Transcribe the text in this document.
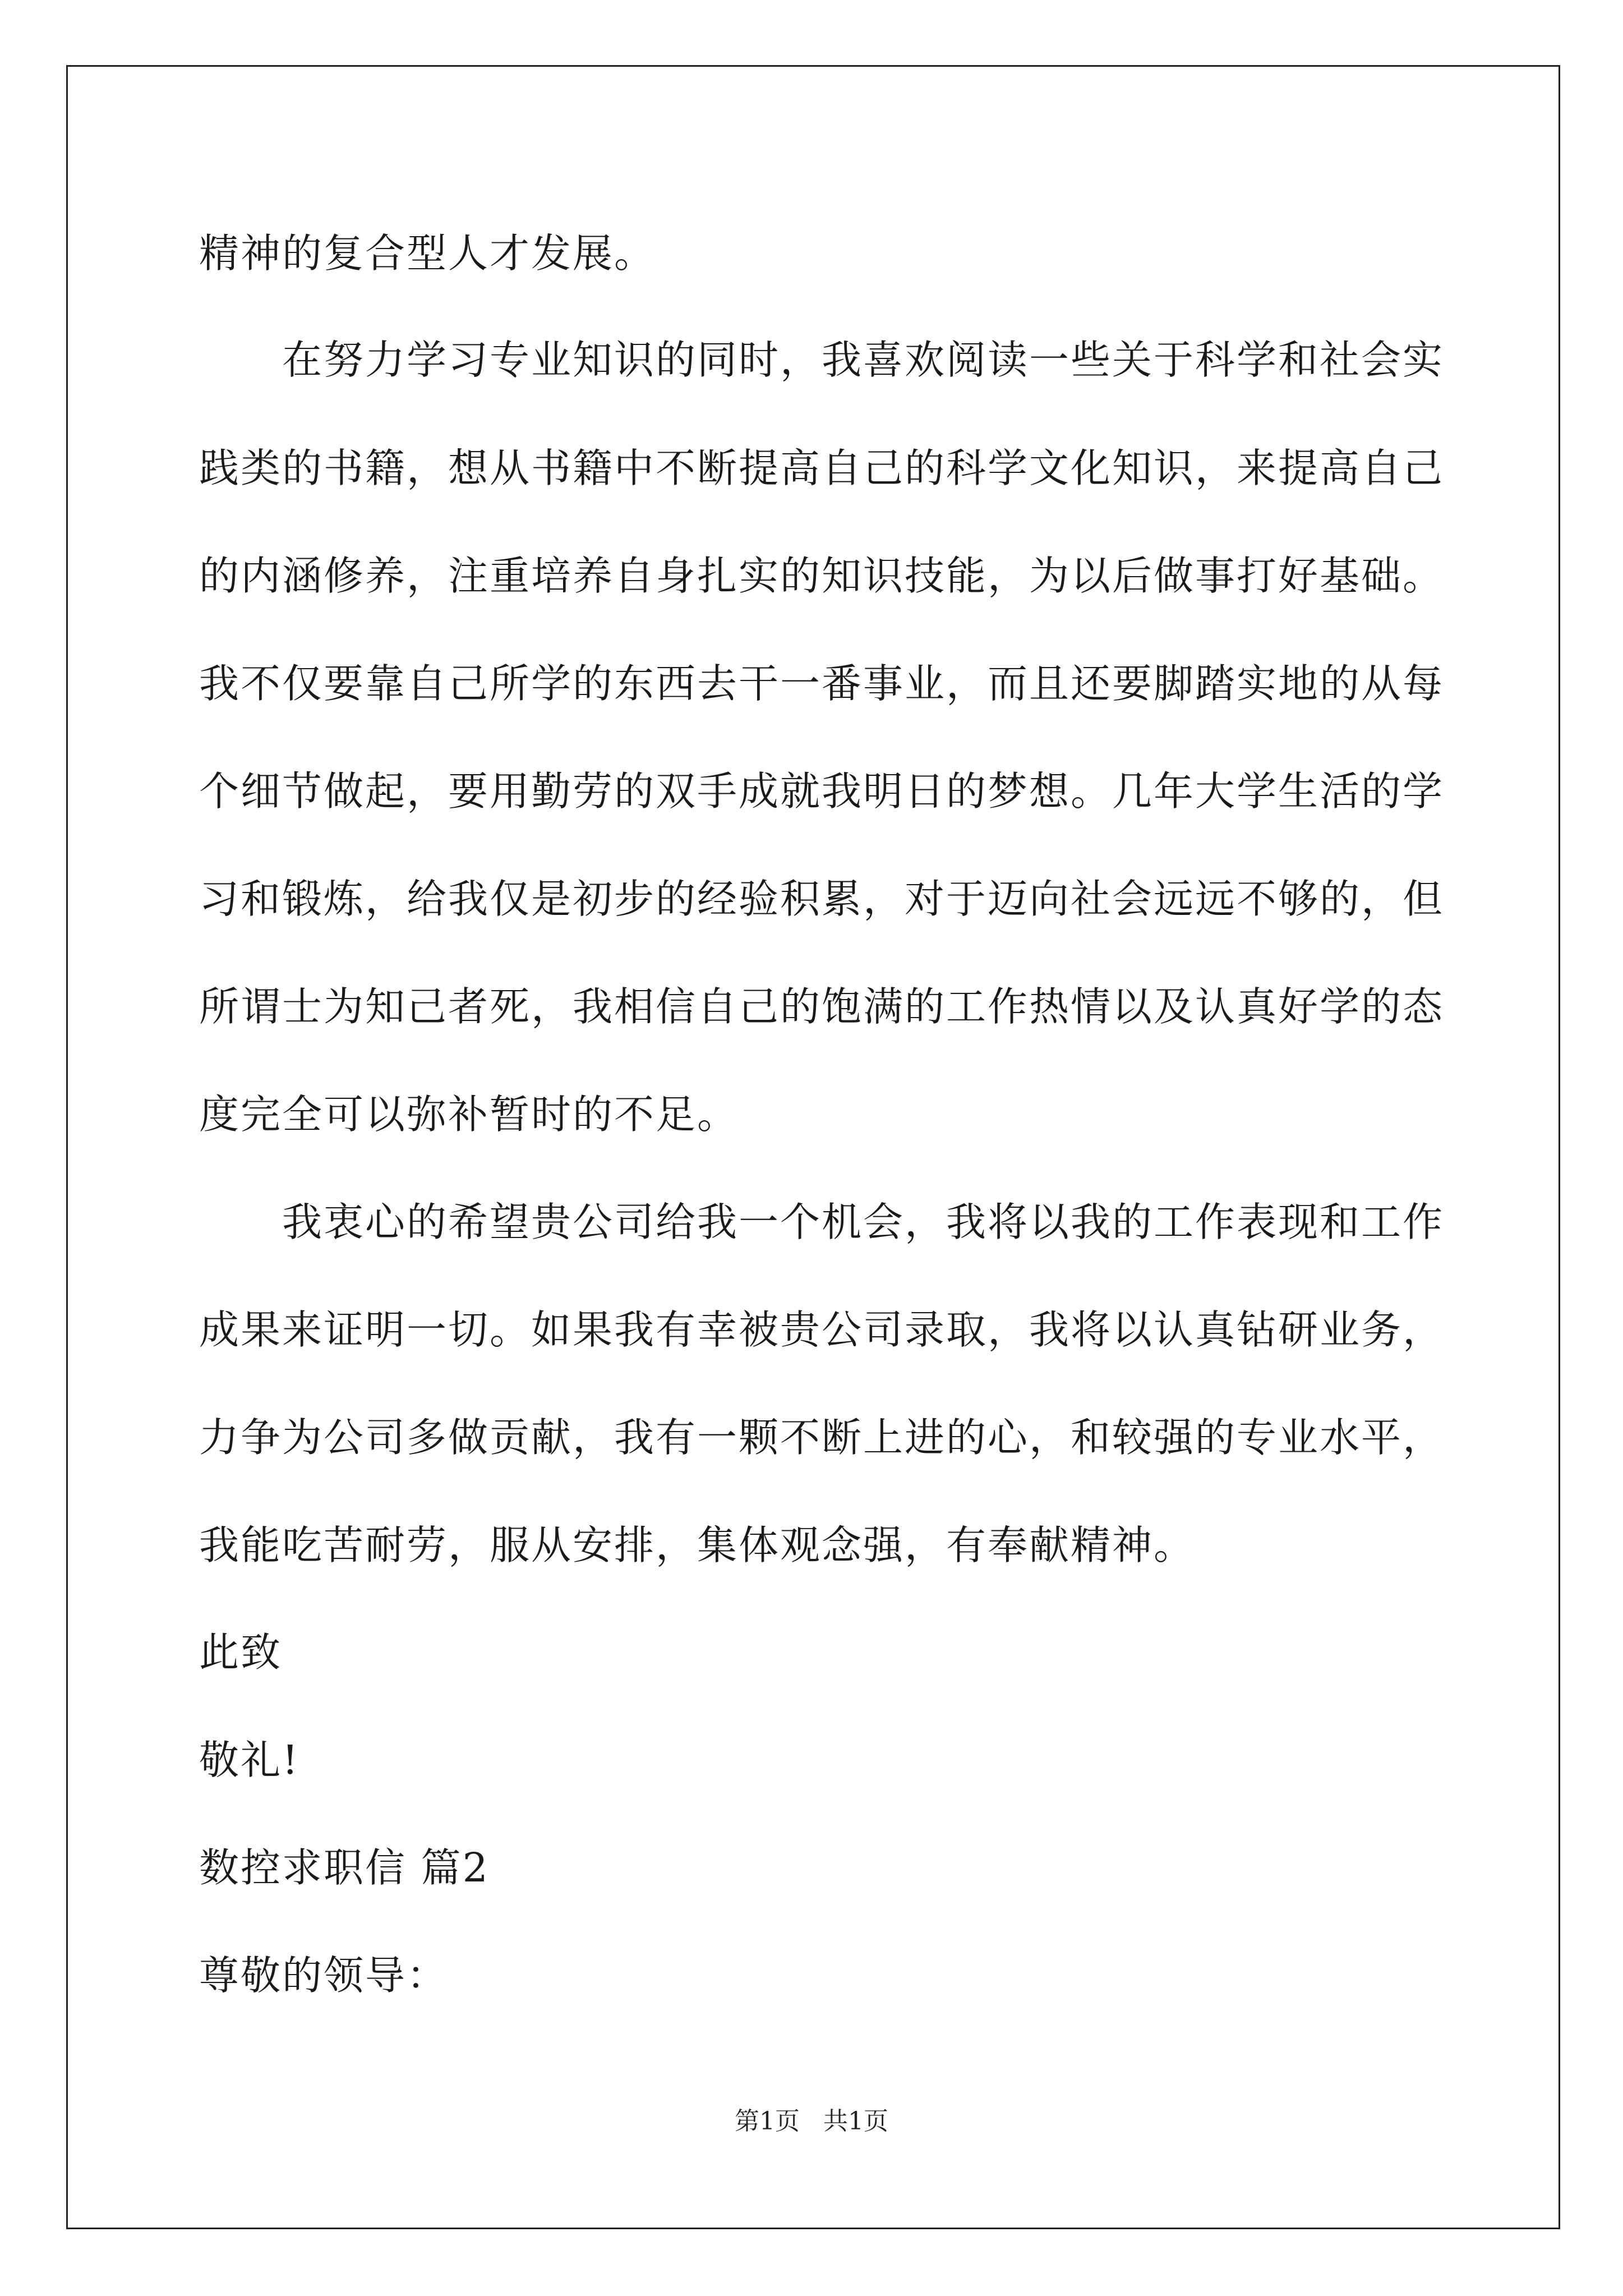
精神的复合型人才发展。
　　在努力学习专业知识的同时，我喜欢阅读一些关于科学和社会实
践类的书籍，想从书籍中不断提高自己的科学文化知识，来提高自己
的内涵修养，注重培养自身扎实的知识技能，为以后做事打好基础。
我不仅要靠自己所学的东西去干一番事业，而且还要脚踏实地的从每
个细节做起，要用勤劳的双手成就我明日的梦想。几年大学生活的学
习和锻炼，给我仅是初步的经验积累，对于迈向社会远远不够的，但
所谓士为知己者死，我相信自己的饱满的工作热情以及认真好学的态
度完全可以弥补暂时的不足。
　　我衷心的希望贵公司给我一个机会，我将以我的工作表现和工作
成果来证明一切。如果我有幸被贵公司录取，我将以认真钻研业务，
力争为公司多做贡献，我有一颗不断上进的心，和较强的专业水平，
我能吃苦耐劳，服从安排，集体观念强，有奉献精神。
此致
敬礼!
数控求职信 篇2
尊敬的领导：
第1页   共1页
